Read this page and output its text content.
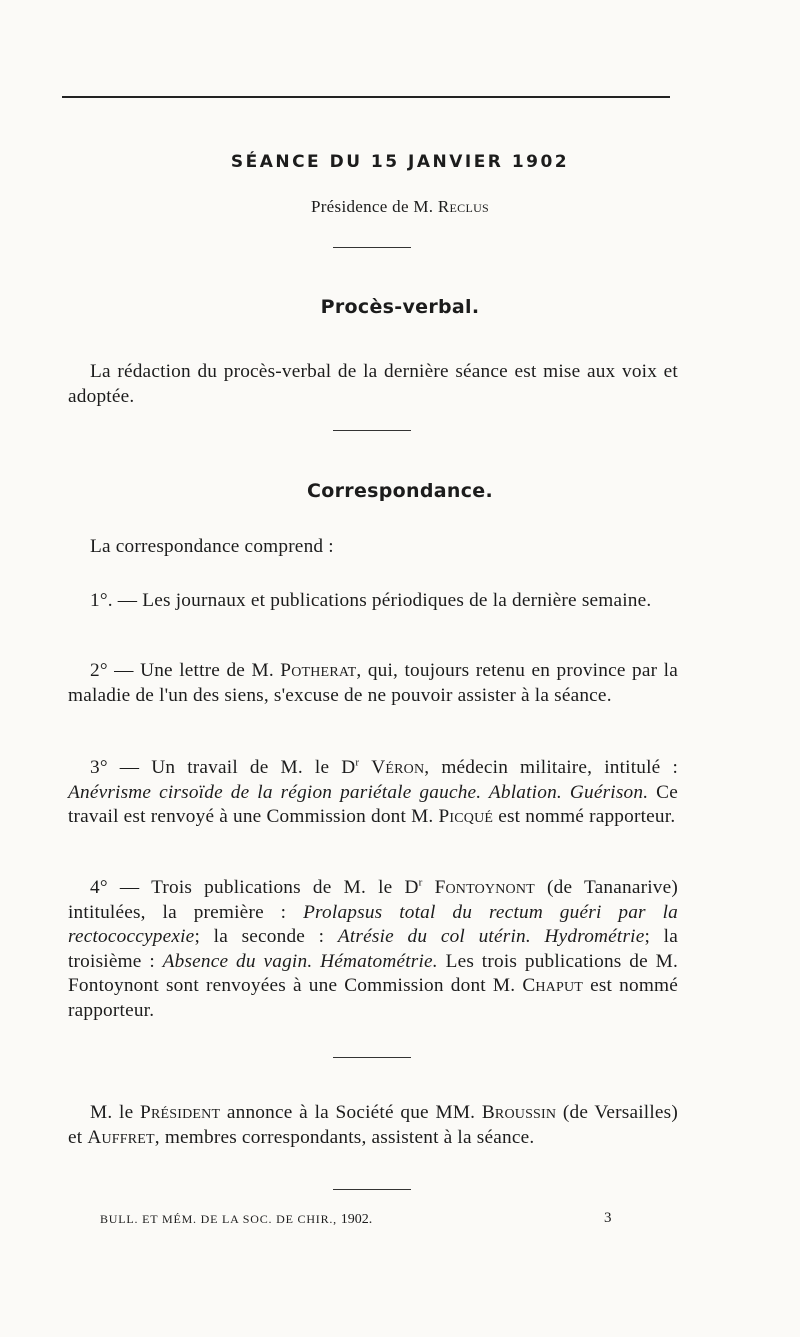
SÉANCE DU 15 JANVIER 1902
Présidence de M. Reclus
Procès-verbal.
La rédaction du procès-verbal de la dernière séance est mise aux voix et adoptée.
Correspondance.
La correspondance comprend :
1°. — Les journaux et publications périodiques de la dernière semaine.
2° — Une lettre de M. Potherat, qui, toujours retenu en province par la maladie de l'un des siens, s'excuse de ne pouvoir assister à la séance.
3° — Un travail de M. le $D^r$ Véron, médecin militaire, intitulé : Anévrisme cirsoïde de la région pariétale gauche. Ablation. Guérison. Ce travail est renvoyé à une Commission dont M. Picqué est nommé rapporteur.
4° — Trois publications de M. le $D^r$ Fontoynont (de Tananarive) intitulées, la première : Prolapsus total du rectum guéri par la rectococcypexie; la seconde : Atrésie du col utérin. Hydrométrie; la troisième : Absence du vagin. Hématométrie. Les trois publications de M. Fontoynont sont renvoyées à une Commission dont M. Chaput est nommé rapporteur.
M. le Président annonce à la Société que MM. Broussin (de Versailles) et Auffret, membres correspondants, assistent à la séance.
BULL. ET MÉM. DE LA SOC. DE CHIR., 1902.	3
